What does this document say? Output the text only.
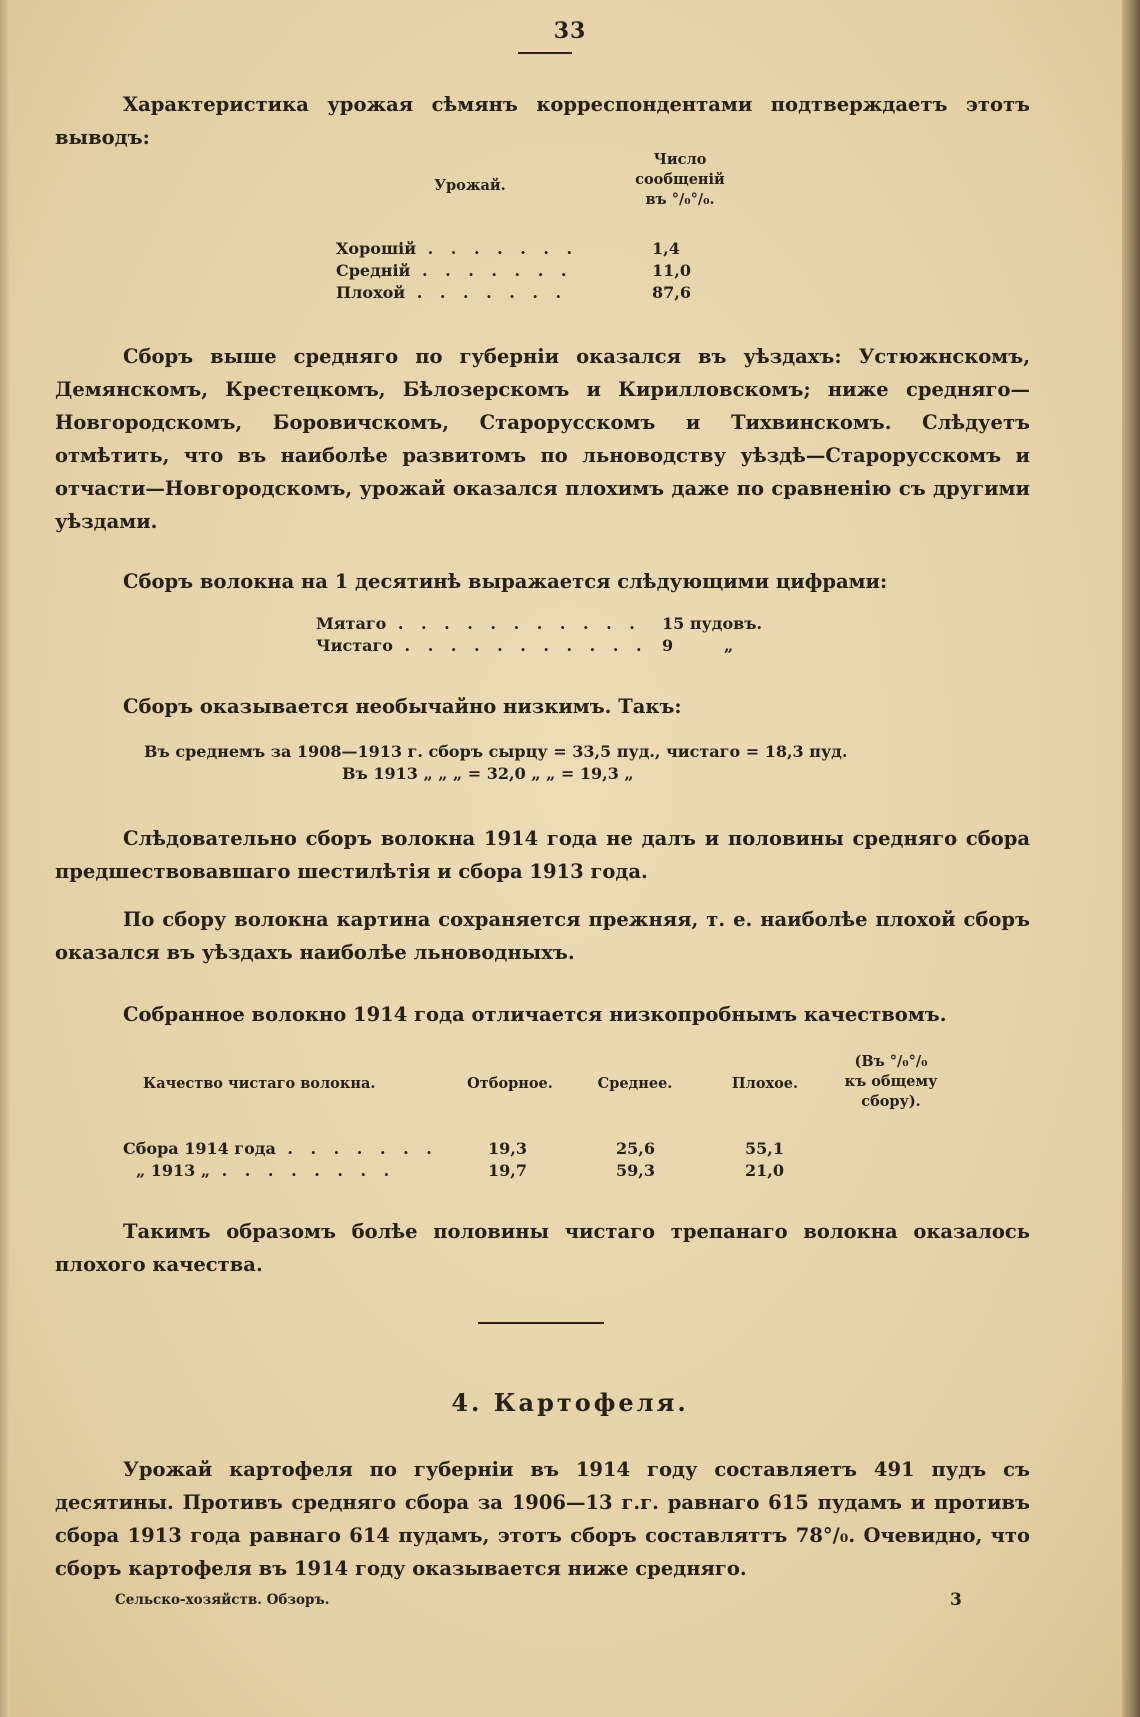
33
Характеристика урожая сѣмянъ корреспондентами подтверждаетъ этотъ выводъ:
Урожай.
Число
сообщеній
въ °/₀°/₀.
Хорошій . . . . . . .	1,4
Средній . . . . . . .	11,0
Плохой . . . . . . .	87,6
Сборъ выше средняго по губерніи оказался въ уѣздахъ: Устюжнскомъ, Демянскомъ, Крестецкомъ, Бѣлозерскомъ и Кирилловскомъ; ниже средняго—Новгородскомъ, Боровичскомъ, Старорусскомъ и Тихвинскомъ. Слѣдуетъ отмѣтить, что въ наиболѣе развитомъ по льноводству уѣздѣ—Старорусскомъ и отчасти—Новгородскомъ, урожай оказался плохимъ даже по сравненію съ другими уѣздами.
Сборъ волокна на 1 десятинѣ выражается слѣдующими цифрами:
Мятаго . . . . . . . . . . . 15 пудовъ.
Чистаго . . . . . . . . . . . 9	„
Сборъ оказывается необычайно низкимъ. Такъ:
Въ среднемъ за 1908—1913 г. сборъ сырцу = 33,5 пуд., чистаго = 18,3 пуд.
Въ 1913 „ „ „ = 32,0 „ „ = 19,3 „
Слѣдовательно сборъ волокна 1914 года не далъ и половины средняго сбора предшествовавшаго шестилѣтія и сбора 1913 года.
По сбору волокна картина сохраняется прежняя, т. е. наиболѣе плохой сборъ оказался въ уѣздахъ наиболѣе льноводныхъ.
Собранное волокно 1914 года отличается низкопробнымъ качествомъ.
Качество чистаго волокна.	Отборное.	Среднее.	Плохое.
(Въ °/₀°/₀
къ общему
сбору).
Сбора 1914 года . . . . . . .	19,3	25,6	55,1
„ 1913 „ . . . . . . . .	19,7	59,3	21,0
Такимъ образомъ болѣе половины чистаго трепанаго волокна оказалось плохого качества.
4. Картофеля.
Урожай картофеля по губерніи въ 1914 году составляетъ 491 пудъ съ десятины. Противъ средняго сбора за 1906—13 г.г. равнаго 615 пудамъ и противъ сбора 1913 года равнаго 614 пудамъ, этотъ сборъ составляттъ 78°/₀. Очевидно, что сборъ картофеля въ 1914 году оказывается ниже средняго.
Сельско-хозяйств. Обзоръ.	3
